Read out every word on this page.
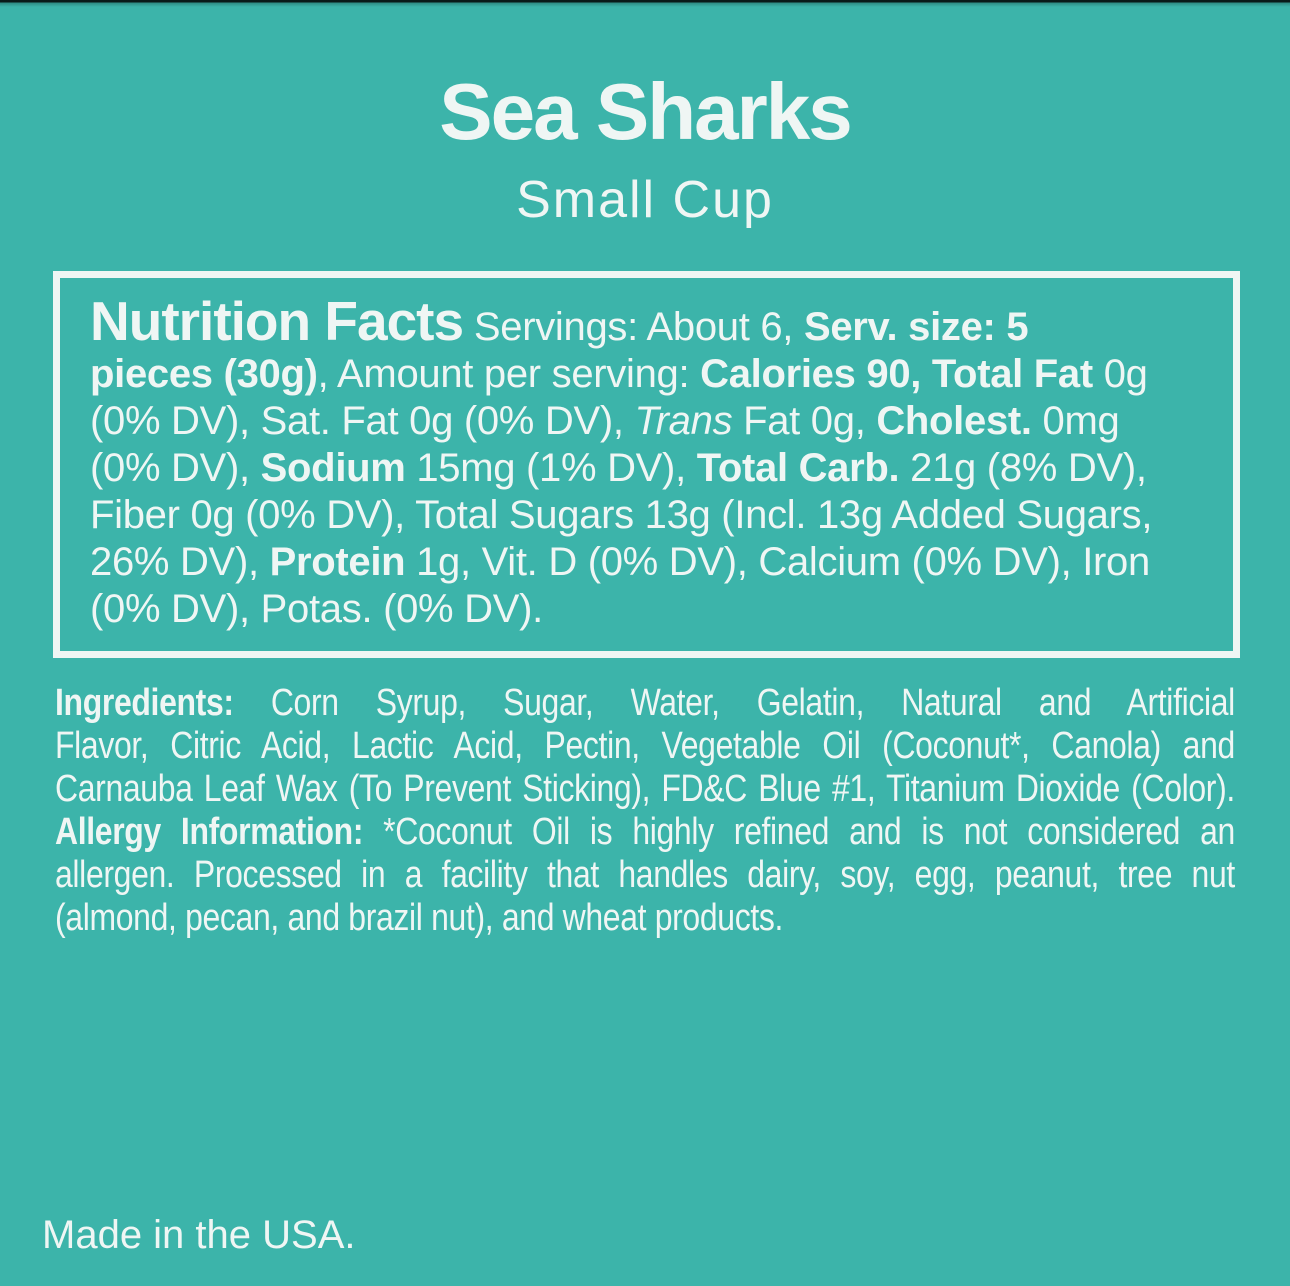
Sea Sharks
Small Cup
Nutrition Facts Servings: About 6, Serv. size: 5
pieces (30g), Amount per serving: Calories 90, Total Fat 0g
(0% DV), Sat. Fat 0g (0% DV), Trans Fat 0g, Cholest. 0mg
(0% DV), Sodium 15mg (1% DV), Total Carb. 21g (8% DV),
Fiber 0g (0% DV), Total Sugars 13g (Incl. 13g Added Sugars,
26% DV), Protein 1g, Vit. D (0% DV), Calcium (0% DV), Iron
(0% DV), Potas. (0% DV).
Ingredients: Corn Syrup, Sugar, Water, Gelatin, Natural and Artificial
Flavor, Citric Acid, Lactic Acid, Pectin, Vegetable Oil (Coconut*, Canola) and
Carnauba Leaf Wax (To Prevent Sticking), FD&C Blue #1, Titanium Dioxide (Color).
Allergy Information: *Coconut Oil is highly refined and is not considered an
allergen. Processed in a facility that handles dairy, soy, egg, peanut, tree nut
(almond, pecan, and brazil nut), and wheat products.
Made in the USA.
